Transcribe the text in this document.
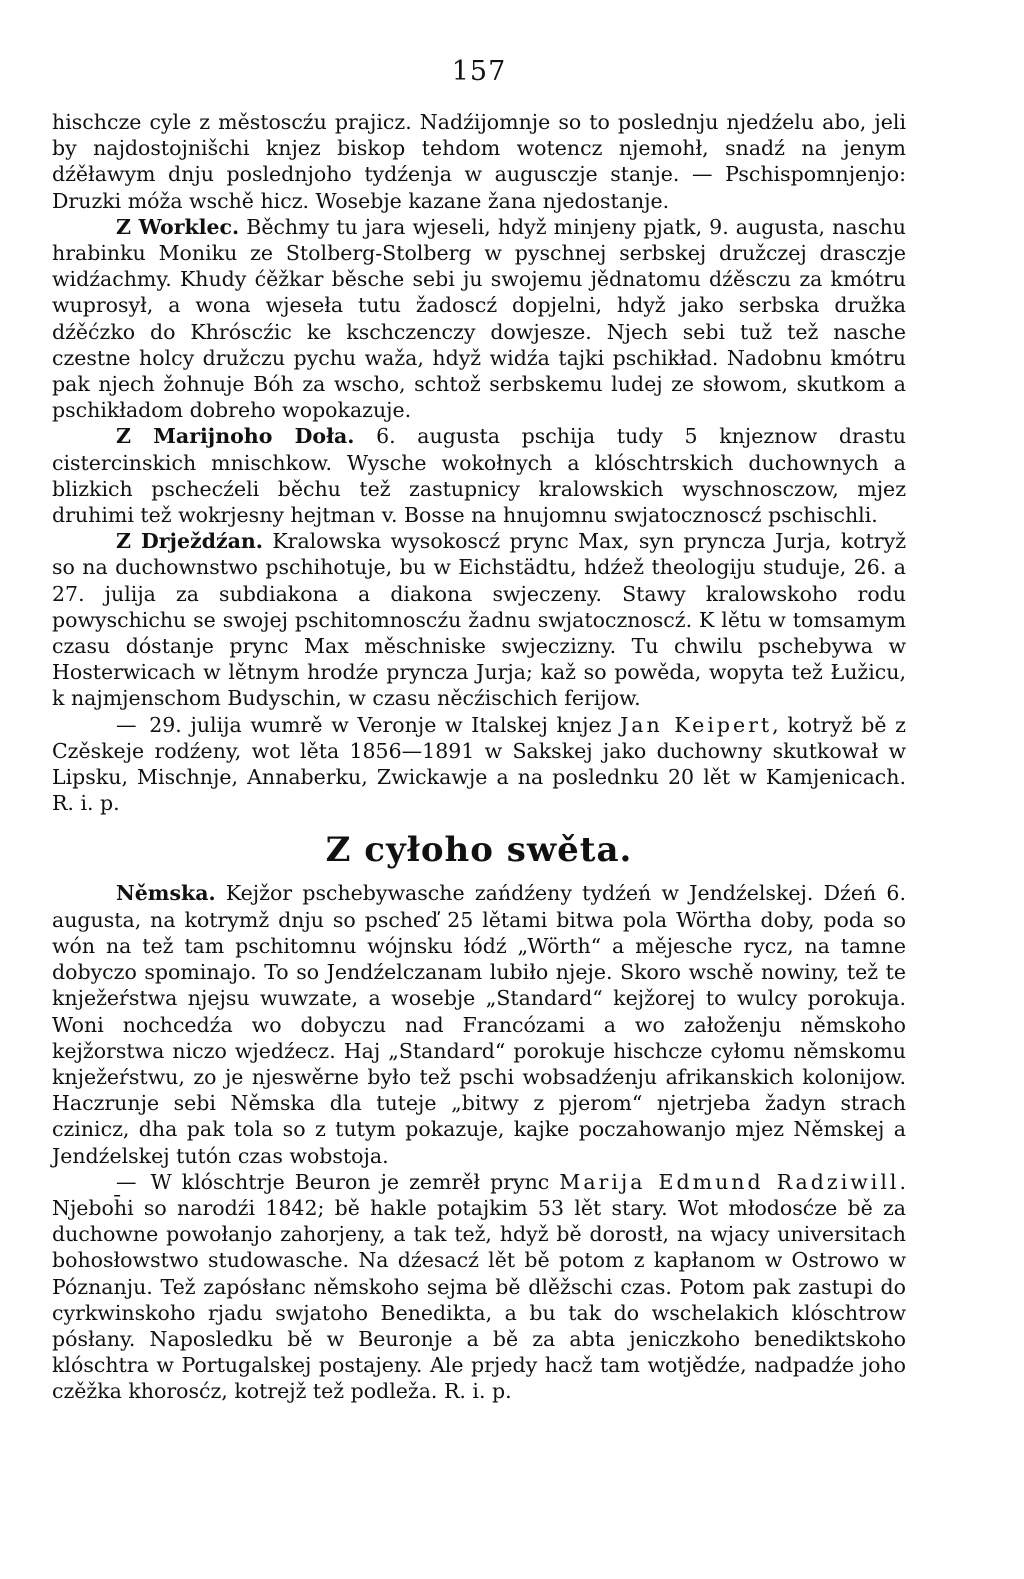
157

hischcze cyle z městoscźu prajicz. Nadźijomnje so to poslednju njedźelu abo, jeli by najdostojnišchi knjez biskop tehdom wotencz njemohł, snadź na jenym dźěławym dnju poslednjoho tydźenja w augusczje stanje. — Pschispomnjenjo: Druzki móža wschě hicz. Wosebje kazane žana njedostanje.

Z Worklec. Běchmy tu jara wjeseli, hdyž minjeny pjatk, 9. augusta, naschu hrabinku Moniku ze Stolberg-Stolberg w pyschnej serbskej družczej drasczje widźachmy. Khudy ćěžkar běsche sebi ju swojemu jědnatomu dźěsczu za kmótru wuprosył, a wona wjeseła tutu žadoscź dopjelni, hdyž jako serbska družka dźěćzko do Khróscźic ke kschczenczy dowjesze. Njech sebi tuž tež nasche czestne holcy družczu pychu waža, hdyž widźa tajki pschikład. Nadobnu kmótru pak njech žohnuje Bóh za wscho, schtož serbskemu ludej ze słowom, skutkom a pschikładom dobreho wopokazuje.

Z Marijnoho Doła. 6. augusta pschija tudy 5 knjeznow drastu cistercinskich mnischkow. Wysche wokołnych a klóschtrskich duchownych a blizkich pschecźeli běchu tež zastupnicy kralowskich wyschnosczow, mjez druhimi tež wokrjesny hejtman v. Bosse na hnujomnu swjatocznoscź pschischli.

Z Drježdźan. Kralowska wysokoscź prync Max, syn pryncza Jurja, kotryž so na duchownstwo pschihotuje, bu w Eichstädtu, hdźež theologiju studuje, 26. a 27. julija za subdiakona a diakona swjeczeny. Stawy kralowskoho rodu powyschichu se swojej pschitomnoscźu žadnu swjatocznoscź. K lětu w tomsamym czasu dóstanje prync Max měschniske swjeczizny. Tu chwilu pschebywa w Hosterwicach w lětnym hrodźe pryncza Jurja; kaž so powěda, wopyta tež Łužicu, k najmjenschom Budyschin, w czasu něcźischich ferijow.

— 29. julija wumrě w Veronje w Italskej knjez Jan Keipert, kotryž bě z Czěskeje rodźeny, wot lěta 1856—1891 w Sakskej jako duchowny skutkował w Lipsku, Mischnje, Annaberku, Zwickawje a na poslednku 20 lět w Kamjenicach. R. i. p.

Z cyłoho swěta.

Němska. Kejžor pschebywasche zańdźeny tydźeń w Jendźelskej. Dźeń 6. augusta, na kotrymž dnju so pscheď 25 lětami bitwa pola Wörtha doby, poda so wón na tež tam pschitomnu wójnsku łódź „Wörth“ a mějesche rycz, na tamne dobyczo spominajo. To so Jendźelczanam lubiło njeje. Skoro wschě nowiny, tež te knježeŕstwa njejsu wuwzate, a wosebje „Standard“ kejžorej to wulcy porokuja. Woni nochcedźa wo dobyczu nad Francózami a wo załoženju němskoho kejžorstwa niczo wjedźecz. Haj „Standard“ porokuje hischcze cyłomu němskomu knježeŕstwu, zo je njeswěrne było tež pschi wobsadźenju afrikanskich kolonijow. Haczrunje sebi Němska dla tuteje „bitwy z pjerom“ njetrjeba žadyn strach czinicz, dha pak tola so z tutym pokazuje, kajke poczahowanjo mjez Němskej a Jendźelskej tutón czas wobstoja.

— W klóschtrje Beuron je zemrěł prync Marija Edmund Radziwill. Njeboh̄i so narodźi 1842; bě hakle potajkim 53 lět stary. Wot młodosćze bě za duchowne powołanjo zahorjeny, a tak tež, hdyž bě dorostł, na wjacy universitach bohosłowstwo studowasche. Na dźesacź lět bě potom z kapłanom w Ostrowo w Póznanju. Tež zapósłanc němskoho sejma bě dlěžschi czas. Potom pak zastupi do cyrkwinskoho rjadu swjatoho Benedikta, a bu tak do wschelakich klóschtrow pósłany. Naposledku bě w Beuronje a bě za abta jeniczkoho benediktskoho klóschtra w Portugalskej postajeny. Ale prjedy hacž tam wotjědźe, nadpadźe joho czěžka khorosćz, kotrejž tež podleža. R. i. p.
